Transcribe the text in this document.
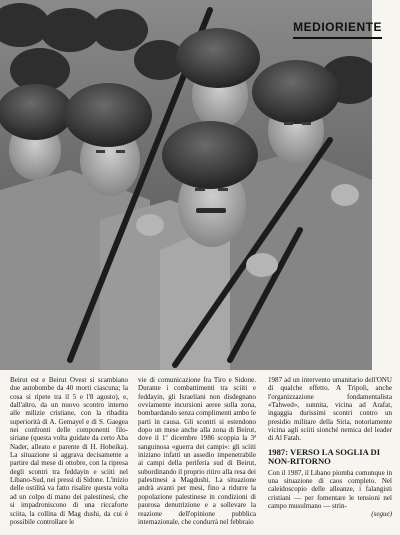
MEDIORIENTE

Beirut est e Beirut Ovest si scambiano due autobombe da 40 morti ciascuna; la cosa si ripete tra il 5 e l'8 agosto), e, dall'altro, da un nuovo scontro interno alle milizie cristiane, con la ribadita superiorità di A. Gemayel e di S. Gaegea nei confronti delle componenti filo-siriane (questa volta guidate da certo Aba Nader, alleato e parente di H. Hobeika). La situazione si aggrava decisamente a partire dal mese di ottobre, con la ripresa degli scontri tra feddayin e sciiti nel Libano-Sud, nei pressi di Sidone. L'inizio delle ostilità va fatto risalire questa volta ad un colpo di mano dei palestinesi, che si impadroniscono di una riccaforte sciita, la collina di Mag dushi, da cui è possibile controllare le

vie di comunicazione fra Tiro e Sidone. Durante i combattimenti tra sciiti e feddayin, gli Israeliani non disdegnano ovviamente incursioni aeree sulla zona, bombardando senza complimenti ambo le parti in causa. Gli scontri si estendono dopo un mese anche alla zona di Beirut, dove il 1º dicembre 1986 scoppia la 3ª sanguinosa «guerra dei campi»: gli sciiti iniziano infatti un assedio impenetrabile ai campi della periferia sud di Beirut, subordinando il proprio ritiro alla resa dei palestinesi a Magdushi. La situazione andrà avanti per mesi, fino a ridurre la popolazione palestinese in condizioni di paurosa denutrizione e a sollevare la reazione dell'opinione pubblica internazionale, che condurrà nel febbraio

1987 ad un intervento umanitario dell'ONU di qualche effetto. A Tripoli, anche l'organizzazione fondamentalista «Tahwed», sunnita, vicina ad Arafat, ingaggia durissimi scontri contro un presidio militare della Siria, notoriamente vicina agli sciiti sionché nemica del leader di Al Fatah.

1987: VERSO LA SOGLIA DI NON-RITORNO

Con il 1987, il Libano piomba comunque in una situazione di caos completo. Nel caleidoscopio delle alleanze, i falangisti cristiani — per fomentare le tensioni nel campo musulmano — strin-

(segue)
